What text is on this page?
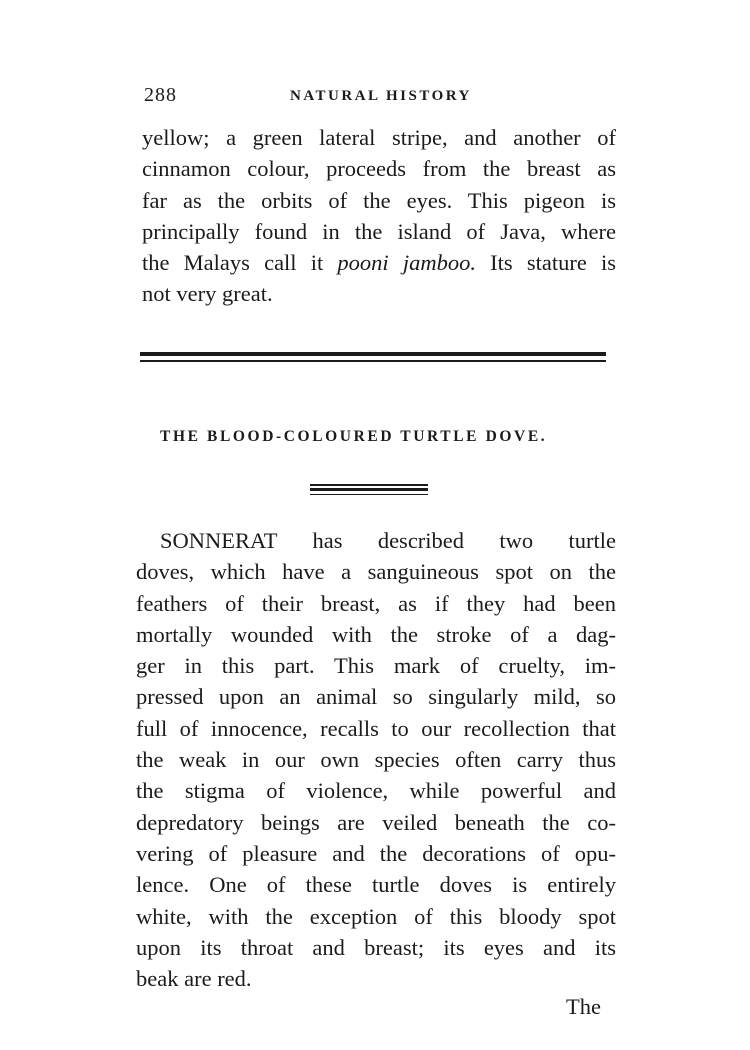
288	NATURAL HISTORY
yellow; a green lateral stripe, and another of
cinnamon colour, proceeds from the breast as
far as the orbits of the eyes. This pigeon is
principally found in the island of Java, where
the Malays call it pooni jamboo. Its stature is
not very great.
THE BLOOD-COLOURED TURTLE DOVE.
SONNERAT has described two turtle
doves, which have a sanguineous spot on the
feathers of their breast, as if they had been
mortally wounded with the stroke of a dag-
ger in this part. This mark of cruelty, im-
pressed upon an animal so singularly mild, so
full of innocence, recalls to our recollection that
the weak in our own species often carry thus
the stigma of violence, while powerful and
depredatory beings are veiled beneath the co-
vering of pleasure and the decorations of opu-
lence. One of these turtle doves is entirely
white, with the exception of this bloody spot
upon its throat and breast; its eyes and its
beak are red.
The
